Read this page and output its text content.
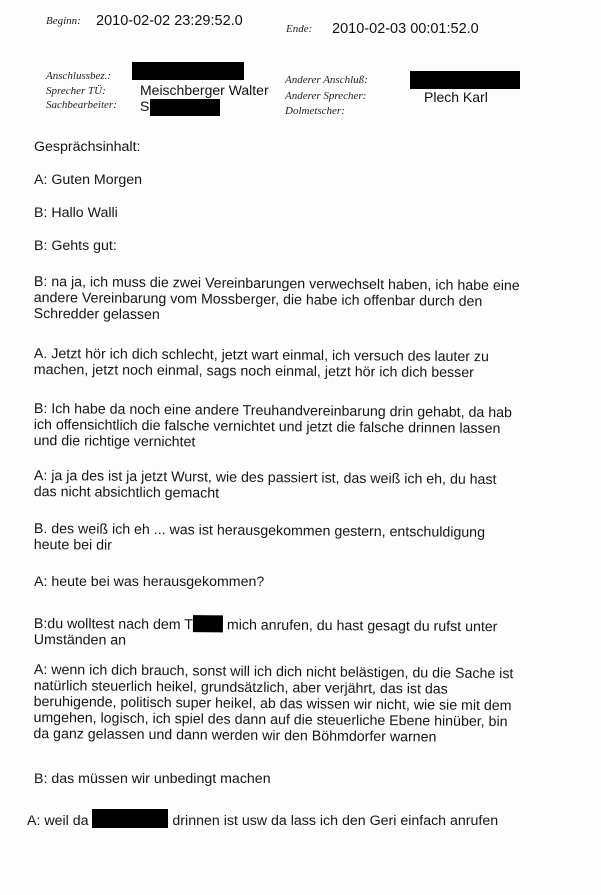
Beginn: 2010-02-02 23:29:52.0	Ende: 2010-02-03 00:01:52.0
Anschlussbez.:
Sprecher TÜ: Meischberger Walter
Sachbearbeiter: S
Anderer Anschluß:
Anderer Sprecher:	Plech Karl
Dolmetscher:
Gesprächsinhalt:
A: Guten Morgen
B: Hallo Walli
B: Gehts gut:
B: na ja, ich muss die zwei Vereinbarungen verwechselt haben, ich habe eine
andere Vereinbarung vom Mossberger, die habe ich offenbar durch den
Schredder gelassen
A. Jetzt hör ich dich schlecht, jetzt wart einmal, ich versuch des lauter zu
machen, jetzt noch einmal, sags noch einmal, jetzt hör ich dich besser
B: Ich habe da noch eine andere Treuhandvereinbarung drin gehabt, da hab
ich offensichtlich die falsche vernichtet und jetzt die falsche drinnen lassen
und die richtige vernichtet
A: ja ja des ist ja jetzt Wurst, wie des passiert ist, das weiß ich eh, du hast
das nicht absichtlich gemacht
B. des weiß ich eh ... was ist herausgekommen gestern, entschuldigung
heute bei dir
A: heute bei was herausgekommen?
B:du wolltest nach dem T mich anrufen, du hast gesagt du rufst unter
Umständen an
A: wenn ich dich brauch, sonst will ich dich nicht belästigen, du die Sache ist
natürlich steuerlich heikel, grundsätzlich, aber verjährt, das ist das
beruhigende, politisch super heikel, ab das wissen wir nicht, wie sie mit dem
umgehen, logisch, ich spiel des dann auf die steuerliche Ebene hinüber, bin
da ganz gelassen und dann werden wir den Böhmdorfer warnen
B: das müssen wir unbedingt machen
A: weil da	drinnen ist usw da lass ich den Geri einfach anrufen
